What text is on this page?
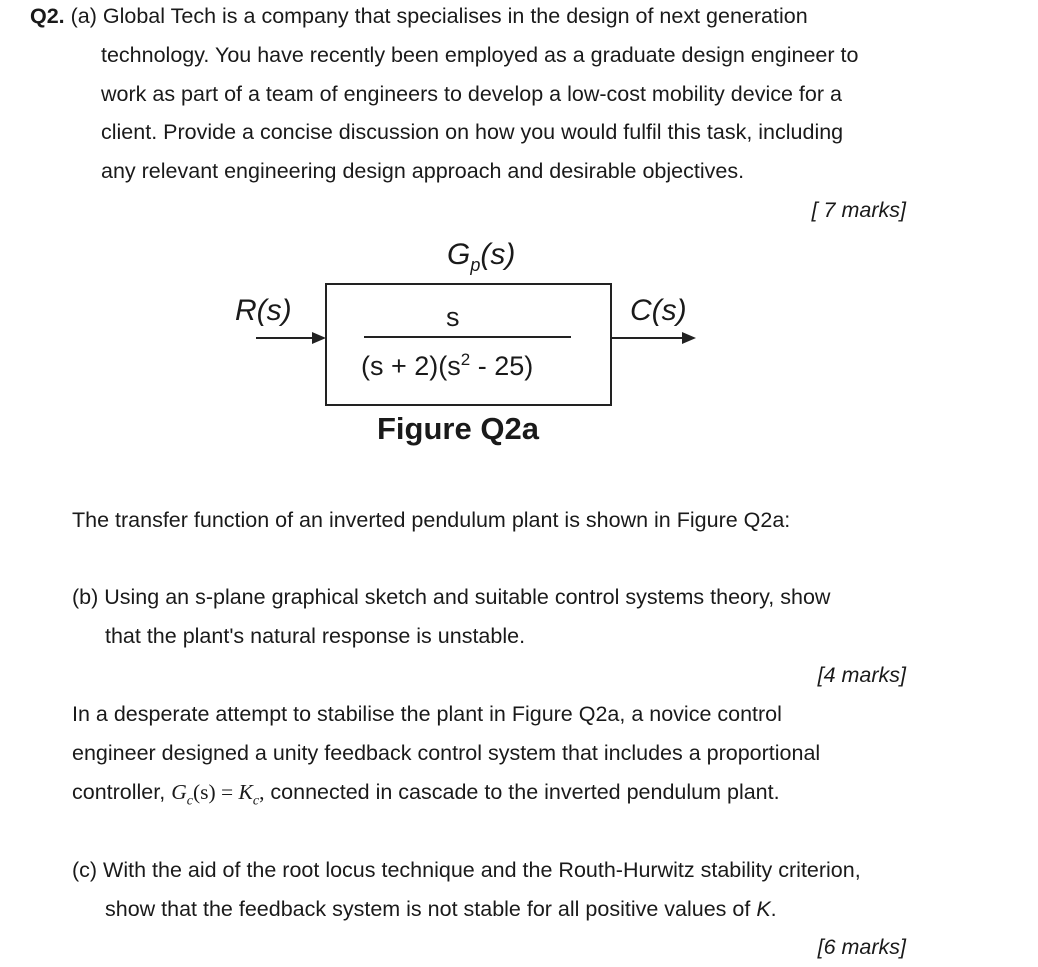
Q2. (a) Global Tech is a company that specialises in the design of next generation
technology. You have recently been employed as a graduate design engineer to
work as part of a team of engineers to develop a low-cost mobility device for a
client. Provide a concise discussion on how you would fulfil this task, including
any relevant engineering design approach and desirable objectives.
[ 7 marks]
$G_p(s)$
R(s)	s
$(s + 2)(s^2 - 25)$
C(s)
Figure Q2a
The transfer function of an inverted pendulum plant is shown in Figure Q2a:
(b) Using an s-plane graphical sketch and suitable control systems theory, show
that the plant's natural response is unstable.
[4 marks]
In a desperate attempt to stabilise the plant in Figure Q2a, a novice control
engineer designed a unity feedback control system that includes a proportional
controller, $G_c(s) = K_c$, connected in cascade to the inverted pendulum plant.
(c) With the aid of the root locus technique and the Routh-Hurwitz stability criterion,
show that the feedback system is not stable for all positive values of K.
[6 marks]
